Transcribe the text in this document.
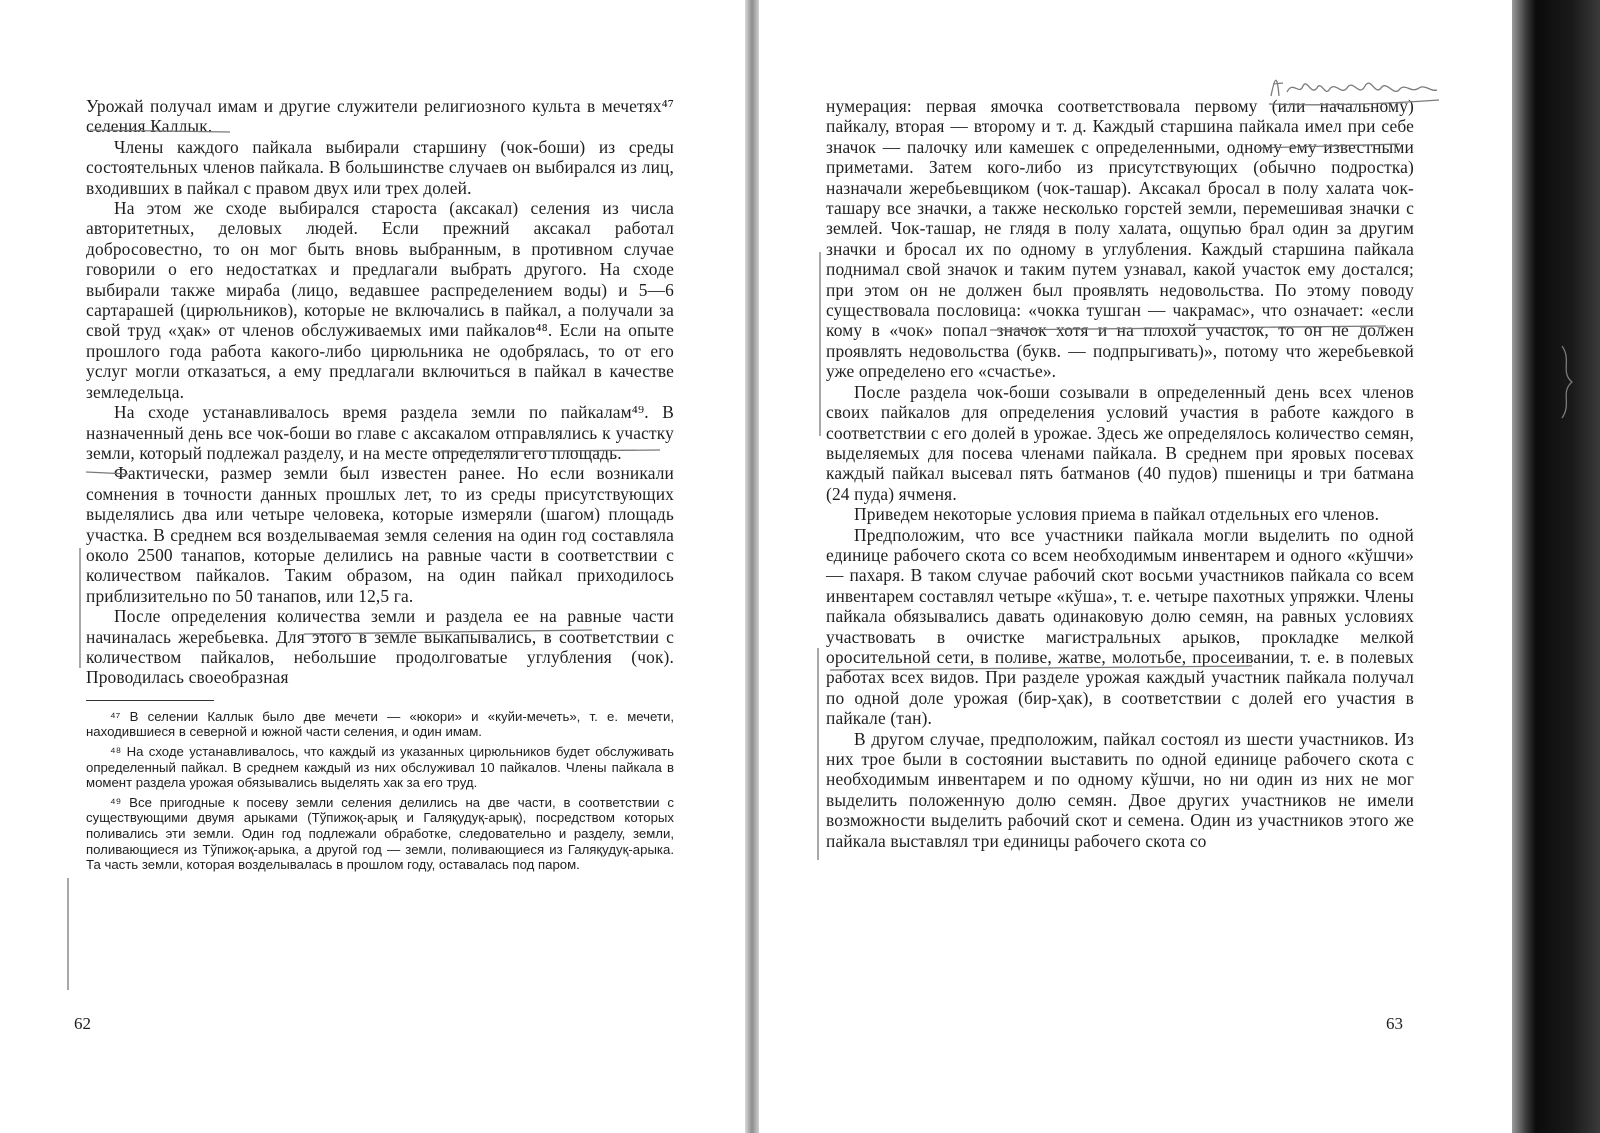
Урожай получал имам и другие служители религиозного культа в мечетях⁴⁷ селения Каллык.

Члены каждого пайкала выбирали старшину (чок-боши) из среды состоятельных членов пайкала. В большинстве случаев он выбирался из лиц, входивших в пайкал с правом двух или трех долей.

На этом же сходе выбирался староста (аксакал) селения из числа авторитетных, деловых людей. Если прежний аксакал работал добросовестно, то он мог быть вновь выбранным, в противном случае говорили о его недостатках и предлагали выбрать другого. На сходе выбирали также мираба (лицо, ведавшее распределением воды) и 5—6 сартарашей (цирюльников), которые не включались в пайкал, а получали за свой труд «ҳак» от членов обслуживаемых ими пайкалов⁴⁸. Если на опыте прошлого года работа какого-либо цирюльника не одобрялась, то от его услуг могли отказаться, а ему предлагали включиться в пайкал в качестве земледельца.

На сходе устанавливалось время раздела земли по пайкалам⁴⁹. В назначенный день все чок-боши во главе с аксакалом отправлялись к участку земли, который подлежал разделу, и на месте определяли его площадь.

Фактически, размер земли был известен ранее. Но если возникали сомнения в точности данных прошлых лет, то из среды присутствующих выделялись два или четыре человека, которые измеряли (шагом) площадь участка. В среднем вся возделываемая земля селения на один год составляла около 2500 танапов, которые делились на равные части в соответствии с количеством пайкалов. Таким образом, на один пайкал приходилось приблизительно по 50 танапов, или 12,5 га.

После определения количества земли и раздела ее на равные части начиналась жеребьевка. Для этого в земле выкапывались, в соответствии с количеством пайкалов, небольшие продолговатые углубления (чок). Проводилась своеобразная

⁴⁷ В селении Каллык было две мечети — «юкори» и «куйи-мечеть», т. е. мечети, находившиеся в северной и южной части селения, и один имам.

⁴⁸ На сходе устанавливалось, что каждый из указанных цирюльников будет обслуживать определенный пайкал. В среднем каждый из них обслуживал 10 пайкалов. Члены пайкала в момент раздела урожая обязывались выделять хак за его труд.

⁴⁹ Все пригодные к посеву земли селения делились на две части, в соответствии с существующими двумя арыками (Тўпижоқ-арық и Галяқудуқ-арық), посредством которых поливались эти земли. Один год подлежали обработке, следовательно и разделу, земли, поливающиеся из Тўпижоқ-арыка, а другой год — земли, поливающиеся из Галяқудуқ-арыка. Та часть земли, которая возделывалась в прошлом году, оставалась под паром.

62

нумерация: первая ямочка соответствовала первому (или начальному) пайкалу, вторая — второму и т. д. Каждый старшина пайкала имел при себе значок — палочку или камешек с определенными, одному ему известными приметами. Затем кого-либо из присутствующих (обычно подростка) назначали жеребьевщиком (чок-ташар). Аксакал бросал в полу халата чок-ташару все значки, а также несколько горстей земли, перемешивая значки с землей. Чок-ташар, не глядя в полу халата, ощупью брал один за другим значки и бросал их по одному в углубления. Каждый старшина пайкала поднимал свой значок и таким путем узнавал, какой участок ему достался; при этом он не должен был проявлять недовольства. По этому поводу существовала пословица: «чокка тушган — чакрамас», что означает: «если кому в «чок» попал значок хотя и на плохой участок, то он не должен проявлять недовольства (букв. — подпрыгивать)», потому что жеребьевкой уже определено его «счастье».

После раздела чок-боши созывали в определенный день всех членов своих пайкалов для определения условий участия в работе каждого в соответствии с его долей в урожае. Здесь же определялось количество семян, выделяемых для посева членами пайкала. В среднем при яровых посевах каждый пайкал высевал пять батманов (40 пудов) пшеницы и три батмана (24 пуда) ячменя.

Приведем некоторые условия приема в пайкал отдельных его членов.

Предположим, что все участники пайкала могли выделить по одной единице рабочего скота со всем необходимым инвентарем и одного «кўшчи» — пахаря. В таком случае рабочий скот восьми участников пайкала со всем инвентарем составлял четыре «кўша», т. е. четыре пахотных упряжки. Члены пайкала обязывались давать одинаковую долю семян, на равных условиях участвовать в очистке магистральных арыков, прокладке мелкой оросительной сети, в поливе, жатве, молотьбе, просеивании, т. е. в полевых работах всех видов. При разделе урожая каждый участник пайкала получал по одной доле урожая (бир-ҳак), в соответствии с долей его участия в пайкале (тан).

В другом случае, предположим, пайкал состоял из шести участников. Из них трое были в состоянии выставить по одной единице рабочего скота с необходимым инвентарем и по одному кўшчи, но ни один из них не мог выделить положенную долю семян. Двое других участников не имели возможности выделить рабочий скот и семена. Один из участников этого же пайкала выставлял три единицы рабочего скота со

63
